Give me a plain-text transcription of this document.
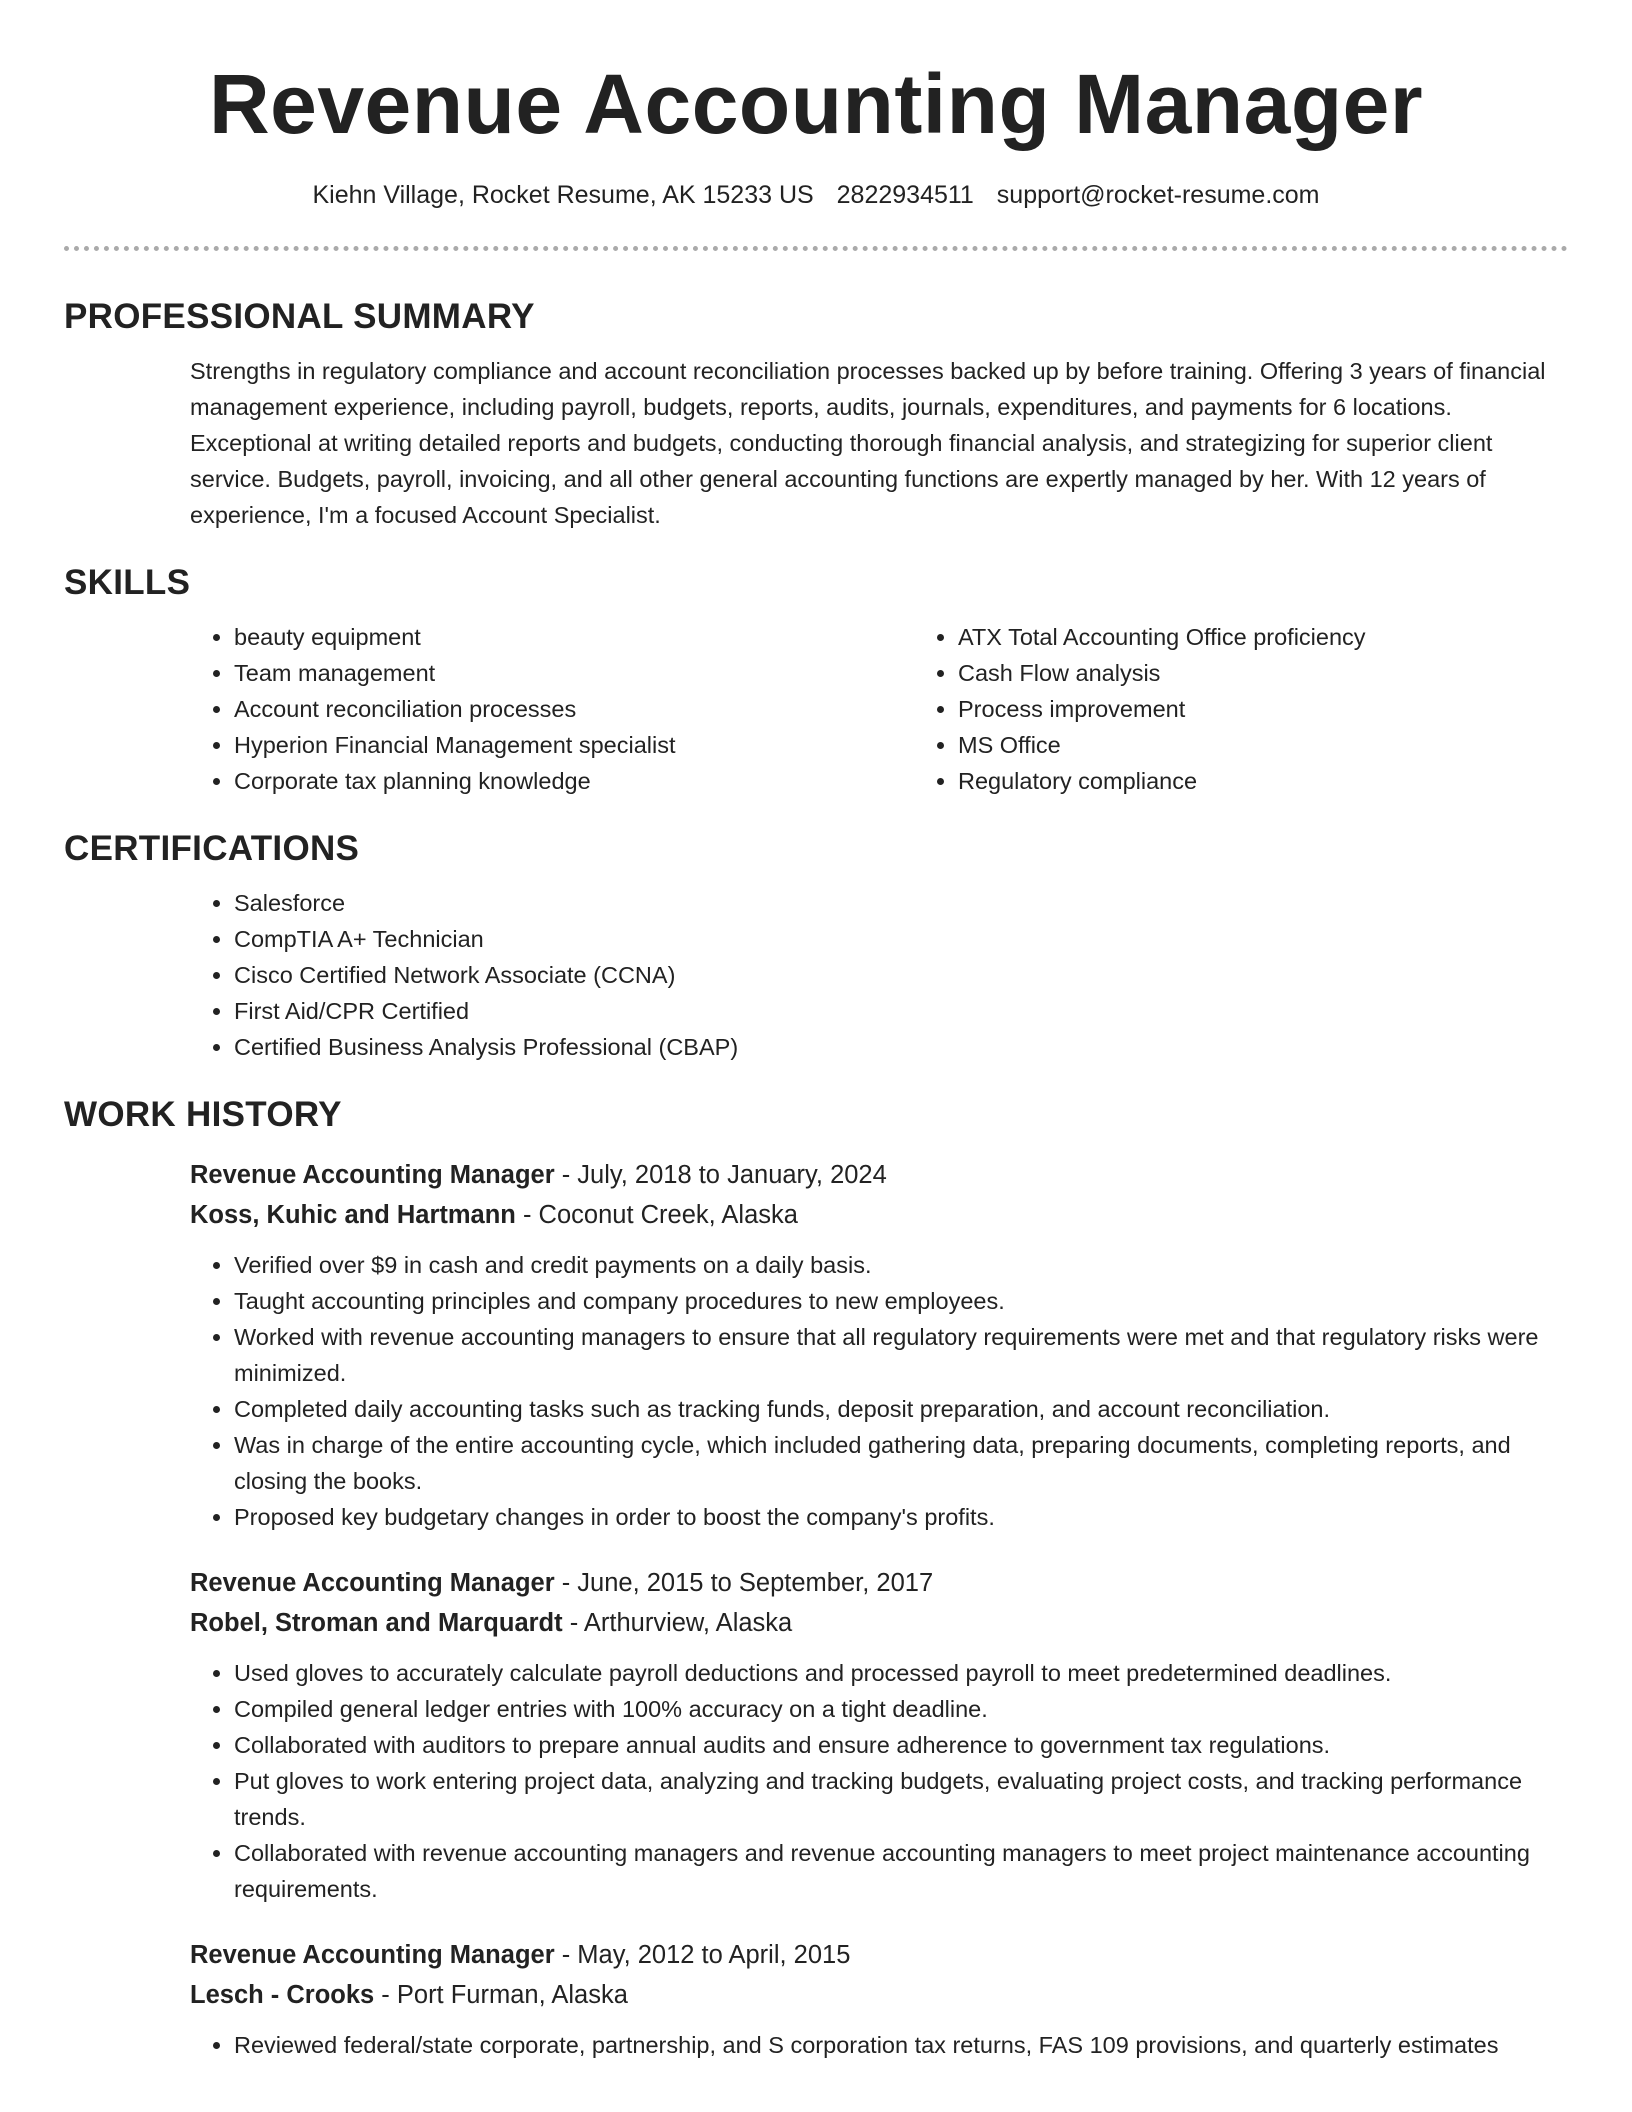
Revenue Accounting Manager
Kiehn Village, Rocket Resume, AK 15233 US 2822934511 support@rocket-resume.com
PROFESSIONAL SUMMARY

Strengths in regulatory compliance and account reconciliation processes backed up by before training. Offering 3 years of financial management experience, including payroll, budgets, reports, audits, journals, expenditures, and payments for 6 locations. Exceptional at writing detailed reports and budgets, conducting thorough financial analysis, and strategizing for superior client service. Budgets, payroll, invoicing, and all other general accounting functions are expertly managed by her. With 12 years of experience, I'm a focused Account Specialist.

SKILLS
• beauty equipment
• Team management
• Account reconciliation processes
• Hyperion Financial Management specialist
• Corporate tax planning knowledge
• ATX Total Accounting Office proficiency
• Cash Flow analysis
• Process improvement
• MS Office
• Regulatory compliance
CERTIFICATIONS
• Salesforce
• CompTIA A+ Technician
• Cisco Certified Network Associate (CCNA)
• First Aid/CPR Certified
• Certified Business Analysis Professional (CBAP)
WORK HISTORY
Revenue Accounting Manager - July, 2018 to January, 2024
Koss, Kuhic and Hartmann - Coconut Creek, Alaska
• Verified over $9 in cash and credit payments on a daily basis.
• Taught accounting principles and company procedures to new employees.
• Worked with revenue accounting managers to ensure that all regulatory requirements were met and that regulatory risks were minimized.
• Completed daily accounting tasks such as tracking funds, deposit preparation, and account reconciliation.
• Was in charge of the entire accounting cycle, which included gathering data, preparing documents, completing reports, and closing the books.
• Proposed key budgetary changes in order to boost the company's profits.
Revenue Accounting Manager - June, 2015 to September, 2017
Robel, Stroman and Marquardt - Arthurview, Alaska
• Used gloves to accurately calculate payroll deductions and processed payroll to meet predetermined deadlines.
• Compiled general ledger entries with 100% accuracy on a tight deadline.
• Collaborated with auditors to prepare annual audits and ensure adherence to government tax regulations.
• Put gloves to work entering project data, analyzing and tracking budgets, evaluating project costs, and tracking performance trends.
• Collaborated with revenue accounting managers and revenue accounting managers to meet project maintenance accounting requirements.
Revenue Accounting Manager - May, 2012 to April, 2015
Lesch - Crooks - Port Furman, Alaska
• Reviewed federal/state corporate, partnership, and S corporation tax returns, FAS 109 provisions, and quarterly estimates
